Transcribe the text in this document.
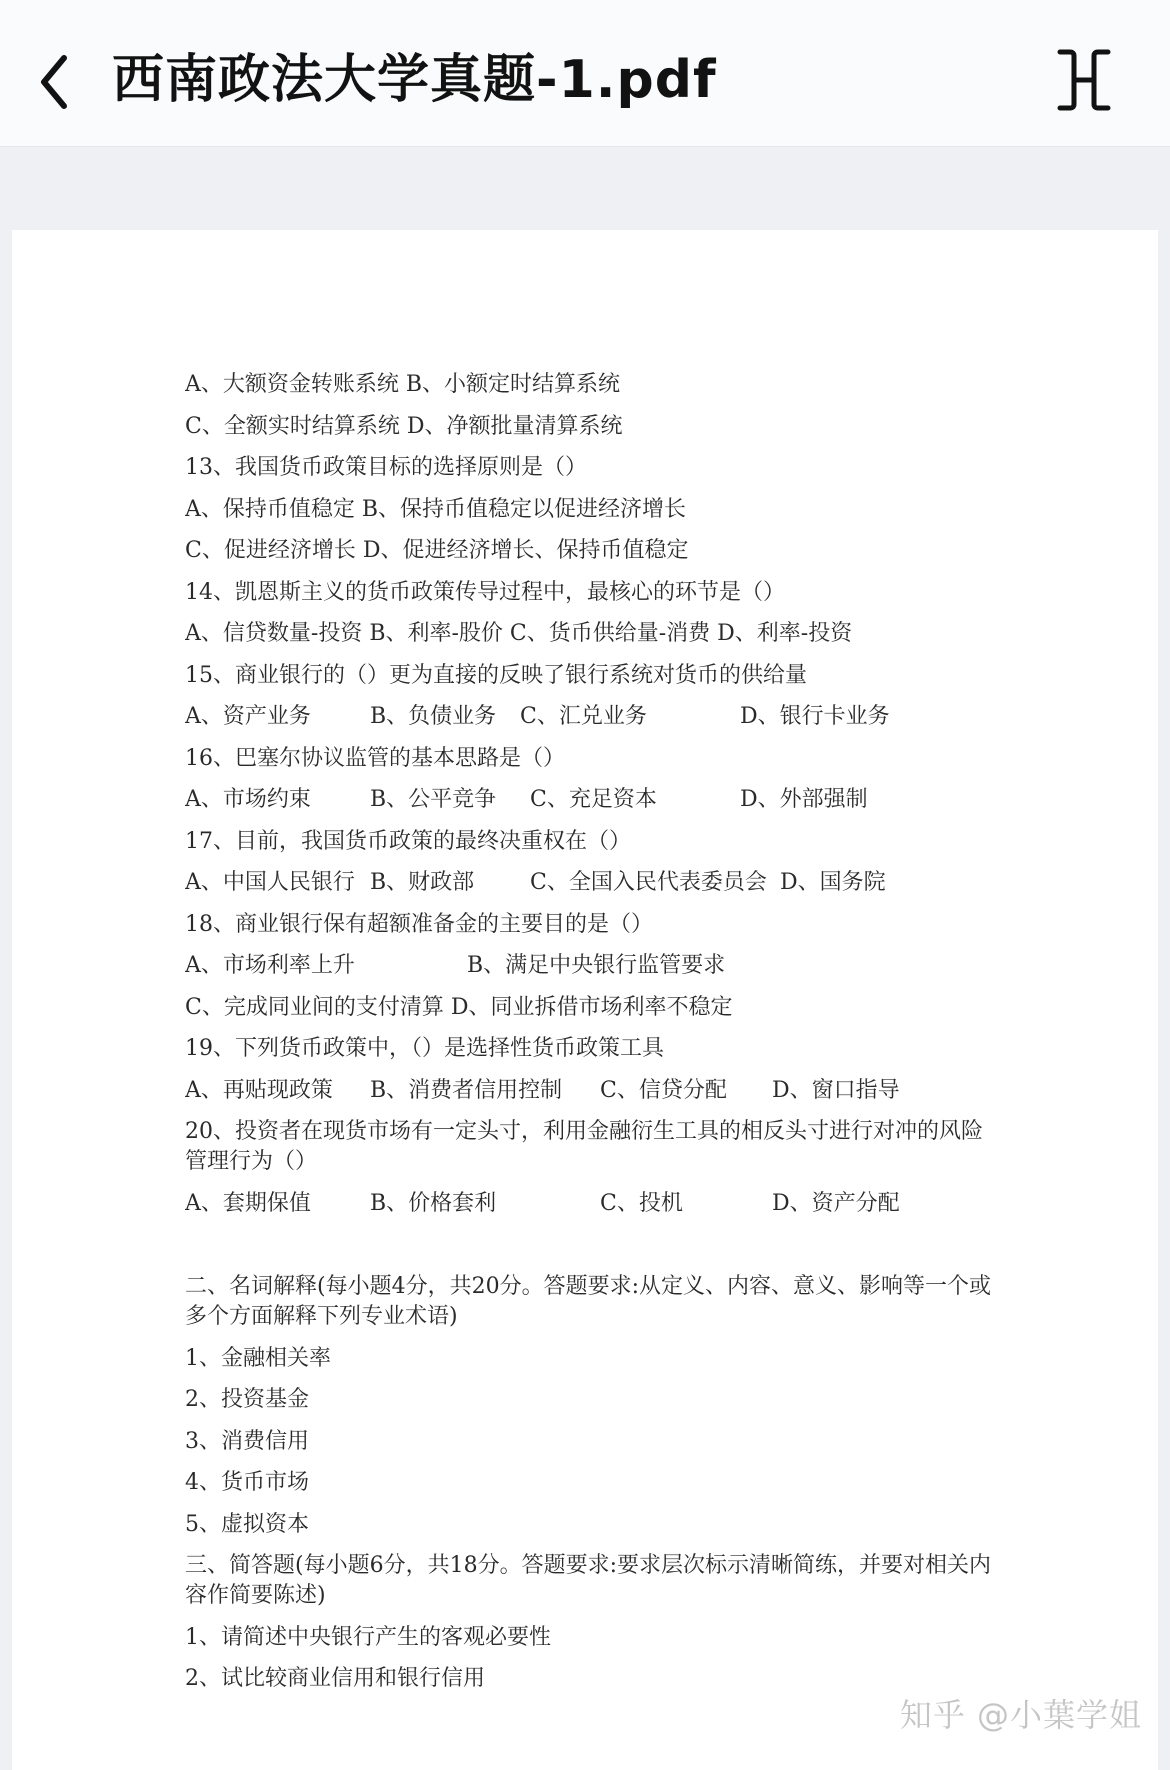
西南政法大学真题-1.pdf
A、大额资金转账系统 B、小额定时结算系统
C、全额实时结算系统 D、净额批量清算系统
13、我国货币政策目标的选择原则是（）
A、保持币值稳定 B、保持币值稳定以促进经济增长
C、促进经济增长 D、促进经济增长、保持币值稳定
14、凯恩斯主义的货币政策传导过程中，最核心的环节是（）
A、信贷数量-投资 B、利率-股价 C、货币供给量-消费 D、利率-投资
15、商业银行的（）更为直接的反映了银行系统对货币的供给量
A、资产业务	B、负债业务	C、汇兑业务	D、银行卡业务
16、巴塞尔协议监管的基本思路是（）
A、市场约束	B、公平竞争	C、充足资本	D、外部强制
17、目前，我国货币政策的最终决重权在（）
A、中国人民银行 B、财政部	C、全国入民代表委员会 D、国务院
18、商业银行保有超额准备金的主要目的是（）
A、市场利率上升	B、满足中央银行监管要求
C、完成同业间的支付清算 D、同业拆借市场利率不稳定
19、下列货币政策中，（）是选择性货币政策工具
A、再贴现政策	B、消费者信用控制	C、信贷分配	D、窗口指导
20、投资者在现货市场有一定头寸，利用金融衍生工具的相反头寸进行对冲的风险管理行为（）
A、套期保值	B、价格套利	C、投机	D、资产分配
二、名词解释(每小题4分，共20分。答题要求:从定义、内容、意义、影响等一个或多个方面解释下列专业术语)
1、金融相关率
2、投资基金
3、消费信用
4、货币市场
5、虚拟资本
三、简答题(每小题6分，共18分。答题要求:要求层次标示清晰简练，并要对相关内容作简要陈述)
1、请简述中央银行产生的客观必要性
2、试比较商业信用和银行信用
知乎 @小葉学姐
